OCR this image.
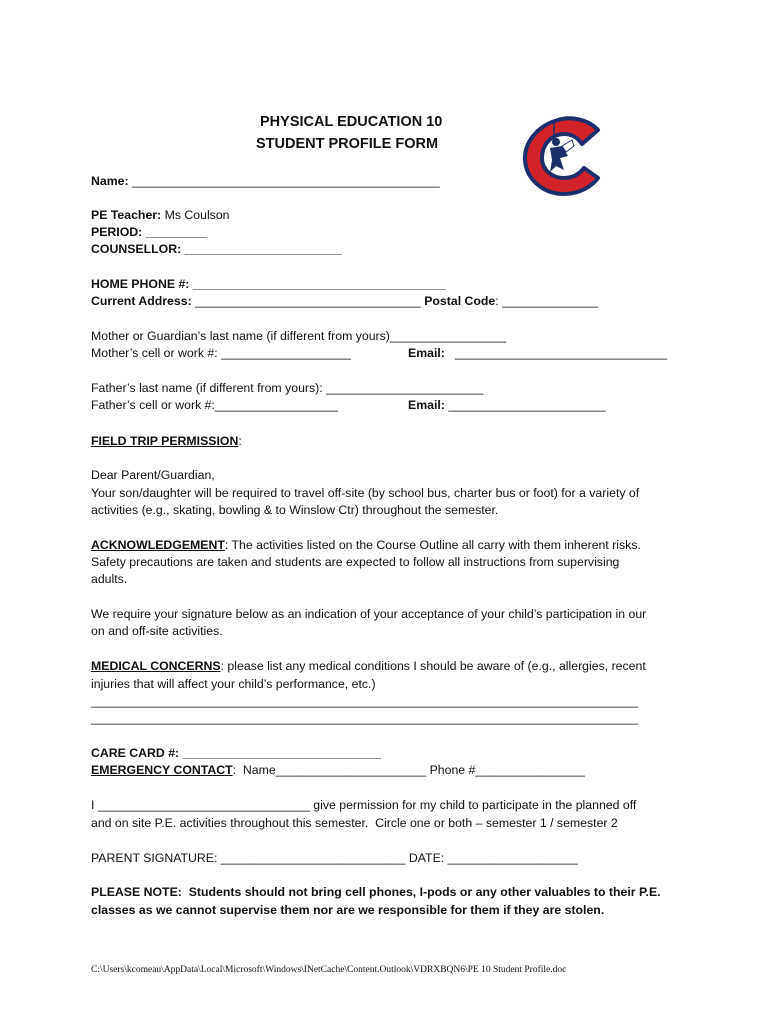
PHYSICAL EDUCATION 10
STUDENT PROFILE FORM
Name: _____________________________________________
PE Teacher: Ms Coulson
PERIOD: _________
COUNSELLOR: _______________________
HOME PHONE #: _____________________________________
Current Address: _________________________________ Postal Code: ______________
Mother or Guardian’s last name (if different from yours)_________________
Mother’s cell or work #: ___________________	Email:   _______________________________
Father’s last name (if different from yours): _______________________
Father’s cell or work #:__________________	Email: _______________________
FIELD TRIP PERMISSION:
Dear Parent/Guardian,
Your son/daughter will be required to travel off-site (by school bus, charter bus or foot) for a variety of
activities (e.g., skating, bowling & to Winslow Ctr) throughout the semester.
ACKNOWLEDGEMENT: The activities listed on the Course Outline all carry with them inherent risks.
Safety precautions are taken and students are expected to follow all instructions from supervising
adults.
We require your signature below as an indication of your acceptance of your child’s participation in our
on and off-site activities.
MEDICAL CONCERNS: please list any medical conditions I should be aware of (e.g., allergies, recent
injuries that will affect your child’s performance, etc.)
________________________________________________________________________________
________________________________________________________________________________
CARE CARD #: _____________________________
EMERGENCY CONTACT:  Name______________________ Phone #________________
I _______________________________ give permission for my child to participate in the planned off
and on site P.E. activities throughout this semester.  Circle one or both – semester 1 / semester 2
PARENT SIGNATURE: ___________________________ DATE: ___________________
PLEASE NOTE:  Students should not bring cell phones, I-pods or any other valuables to their P.E.
classes as we cannot supervise them nor are we responsible for them if they are stolen.
C:\Users\kcomeau\AppData\Local\Microsoft\Windows\INetCache\Content.Outlook\VDRXBQN6\PE 10 Student Profile.doc
